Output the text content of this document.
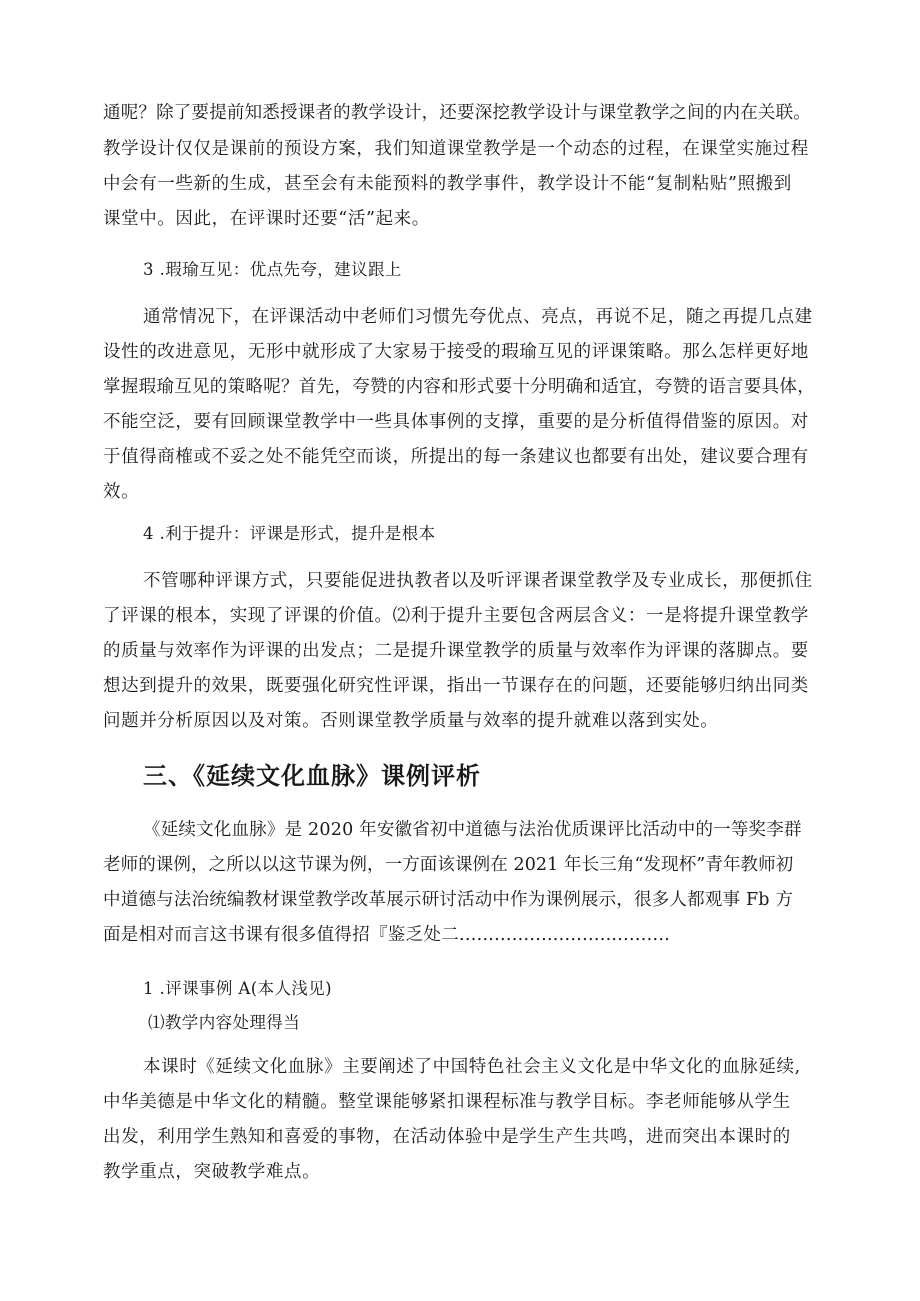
通呢？除了要提前知悉授课者的教学设计，还要深挖教学设计与课堂教学之间的内在关联。
教学设计仅仅是课前的预设方案，我们知道课堂教学是一个动态的过程，在课堂实施过程
中会有一些新的生成，甚至会有未能预料的教学事件，教学设计不能“复制粘贴”照搬到
课堂中。因此，在评课时还要“活”起来。
3 .瑕瑜互见：优点先夸，建议跟上
通常情况下，在评课活动中老师们习惯先夸优点、亮点，再说不足，随之再提几点建
设性的改进意见，无形中就形成了大家易于接受的瑕瑜互见的评课策略。那么怎样更好地
掌握瑕瑜互见的策略呢？首先，夸赞的内容和形式要十分明确和适宜，夸赞的语言要具体，
不能空泛，要有回顾课堂教学中一些具体事例的支撑，重要的是分析值得借鉴的原因。对
于值得商榷或不妥之处不能凭空而谈，所提出的每一条建议也都要有出处，建议要合理有
效。
4 .利于提升：评课是形式，提升是根本
不管哪种评课方式，只要能促进执教者以及听评课者课堂教学及专业成长，那便抓住
了评课的根本，实现了评课的价值。⑵利于提升主要包含两层含义：一是将提升课堂教学
的质量与效率作为评课的出发点；二是提升课堂教学的质量与效率作为评课的落脚点。要
想达到提升的效果，既要强化研究性评课，指出一节课存在的问题，还要能够归纳出同类
问题并分析原因以及对策。否则课堂教学质量与效率的提升就难以落到实处。
三、《延续文化血脉》课例评析
《延续文化血脉》是 2020 年安徽省初中道德与法治优质课评比活动中的一等奖李群
老师的课例，之所以以这节课为例，一方面该课例在 2021 年长三角“发现杯”青年教师初
中道德与法治统编教材课堂教学改革展示研讨活动中作为课例展示，很多人都观事 Fb 方
面是相对而言这书课有很多值得招『鉴乏处二....................................
1 .评课事例 A(本人浅见)
⑴教学内容处理得当
本课时《延续文化血脉》主要阐述了中国特色社会主义文化是中华文化的血脉延续,
中华美德是中华文化的精髓。整堂课能够紧扣课程标准与教学目标。李老师能够从学生
出发，利用学生熟知和喜爱的事物，在活动体验中是学生产生共鸣，进而突出本课时的
教学重点，突破教学难点。
